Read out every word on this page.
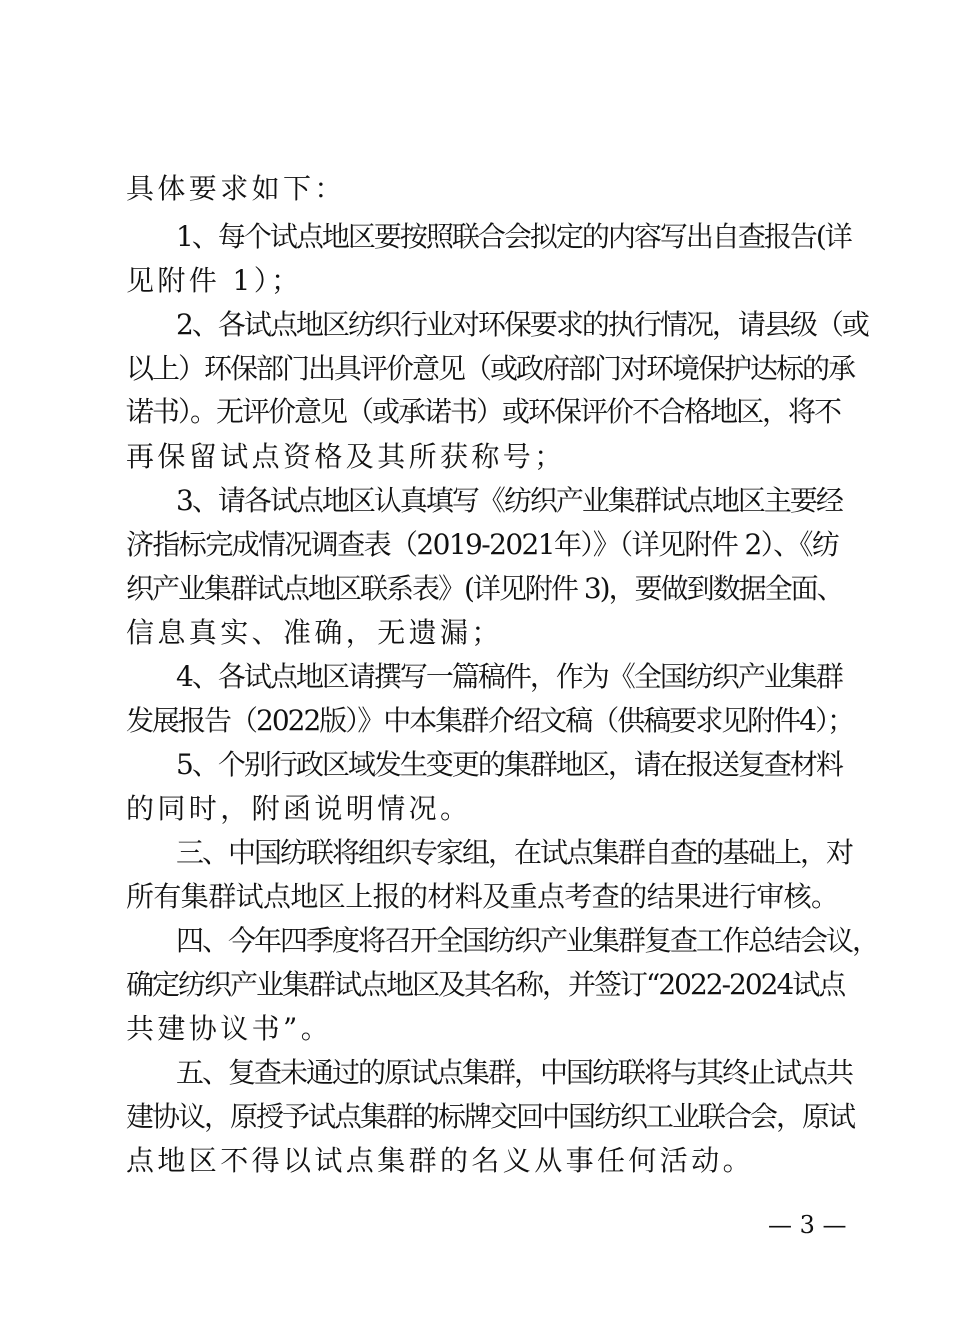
具体要求如下：
1、每个试点地区要按照联合会拟定的内容写出自查报告(详
见附件 1）；
2、各试点地区纺织行业对环保要求的执行情况，请县级（或
以上）环保部门出具评价意见（或政府部门对环境保护达标的承
诺书）。无评价意见（或承诺书）或环保评价不合格地区，将不
再保留试点资格及其所获称号；
3、请各试点地区认真填写《纺织产业集群试点地区主要经
济指标完成情况调查表（2019-2021年）》（详见附件 2）、《纺
织产业集群试点地区联系表》(详见附件 3)，要做到数据全面、
信息真实、准确，无遗漏；
4、各试点地区请撰写一篇稿件，作为《全国纺织产业集群
发展报告（2022版）》中本集群介绍文稿（供稿要求见附件4）；
5、个别行政区域发生变更的集群地区，请在报送复查材料
的同时，附函说明情况。
三、中国纺联将组织专家组，在试点集群自查的基础上，对
所有集群试点地区上报的材料及重点考查的结果进行审核。
四、今年四季度将召开全国纺织产业集群复查工作总结会议，
确定纺织产业集群试点地区及其名称，并签订“2022-2024试点
共建协议书”。
五、复查未通过的原试点集群，中国纺联将与其终止试点共
建协议，原授予试点集群的标牌交回中国纺织工业联合会，原试
点地区不得以试点集群的名义从事任何活动。
— 3 —
